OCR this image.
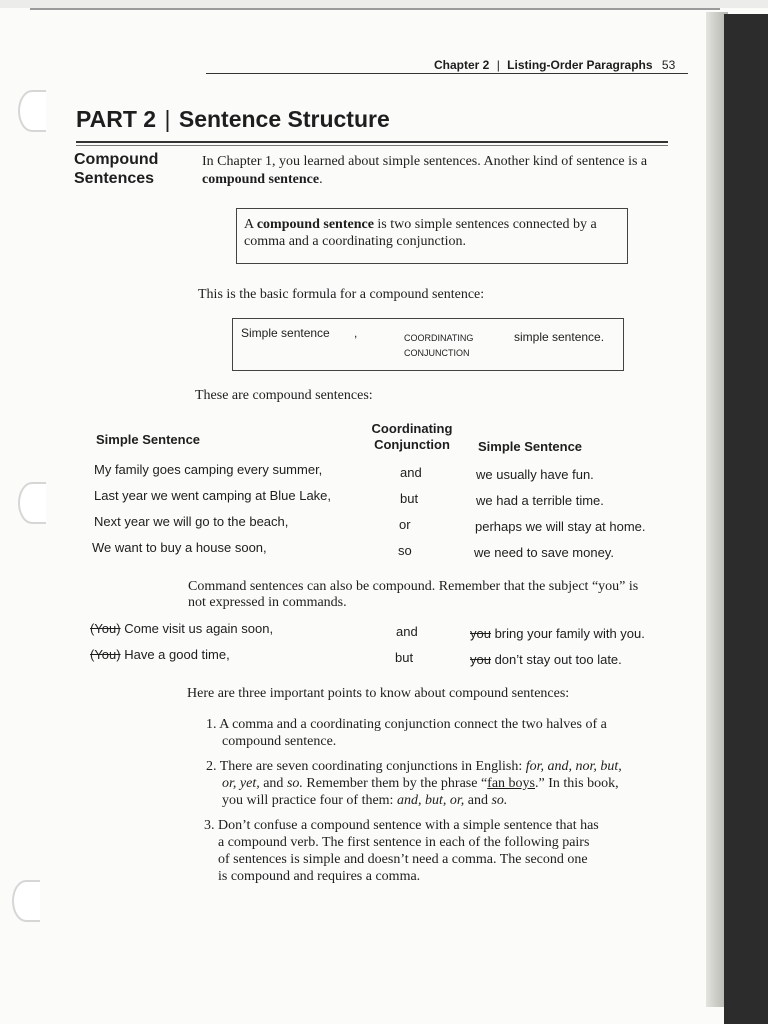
Chapter 2 | Listing-Order Paragraphs 53
PART 2 | Sentence Structure
Compound
Sentences
In Chapter 1, you learned about simple sentences. Another kind of sentence is a
compound sentence.
A compound sentence is two simple sentences connected by a
comma and a coordinating conjunction.
This is the basic formula for a compound sentence:
Simple sentence ,	COORDINATING
CONJUNCTION
simple sentence.
These are compound sentences:
Simple Sentence
Coordinating
Conjunction	Simple Sentence
My family goes camping every summer,	and	we usually have fun.
Last year we went camping at Blue Lake,	but	we had a terrible time.
Next year we will go to the beach,	or	perhaps we will stay at home.
We want to buy a house soon,	so	we need to save money.
Command sentences can also be compound. Remember that the subject “you” is
not expressed in commands.
(You) Come visit us again soon,	and	you bring your family with you.
(You) Have a good time,	but	you don’t stay out too late.
Here are three important points to know about compound sentences:
1. A comma and a coordinating conjunction connect the two halves of a
compound sentence.
2. There are seven coordinating conjunctions in English: for, and, nor, but,
or, yet, and so. Remember them by the phrase “fan boys.” In this book,
you will practice four of them: and, but, or, and so.
3. Don’t confuse a compound sentence with a simple sentence that has
a compound verb. The first sentence in each of the following pairs
of sentences is simple and doesn’t need a comma. The second one
is compound and requires a comma.
